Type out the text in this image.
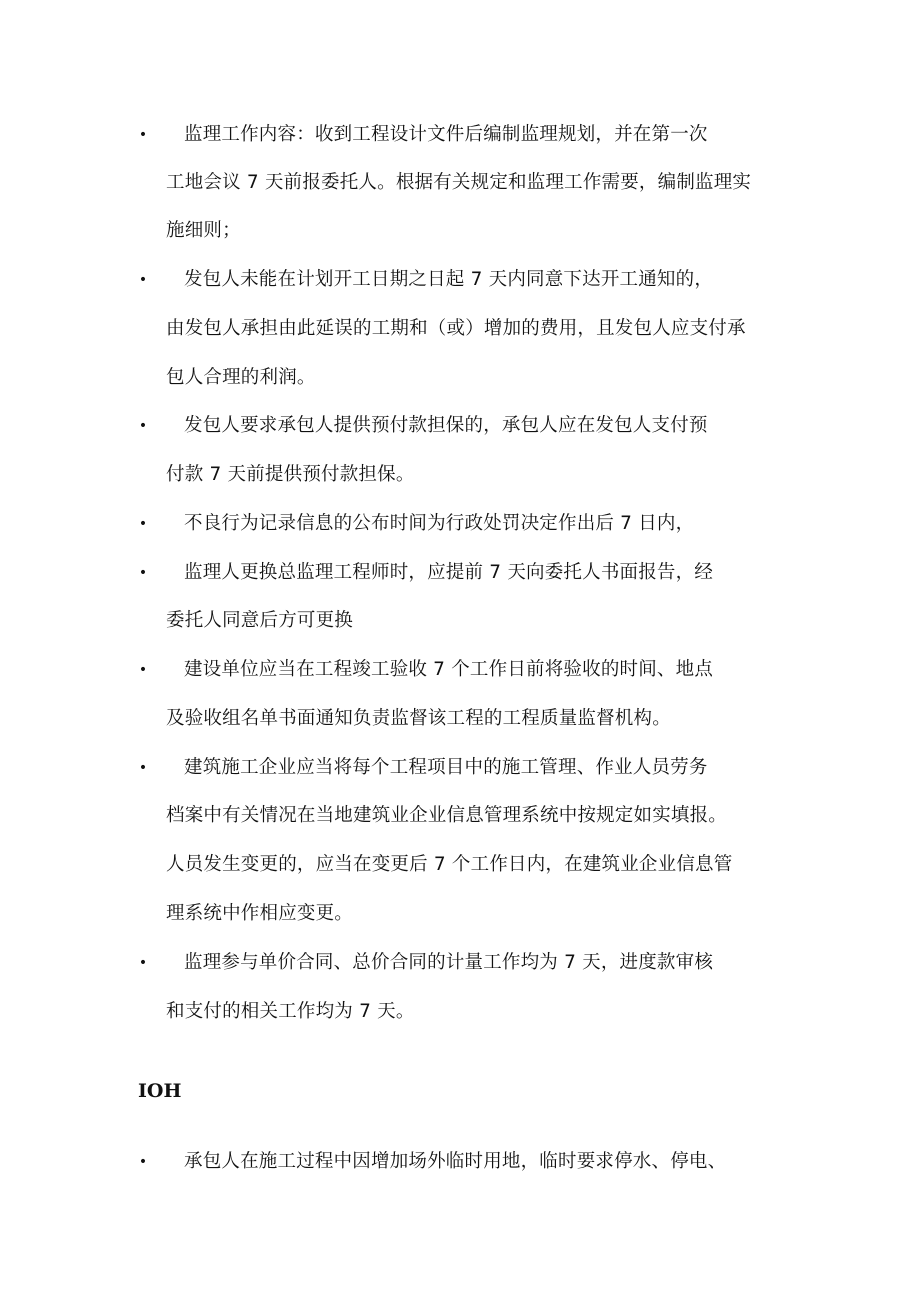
• 监理工作内容：收到工程设计文件后编制监理规划，并在第一次
工地会议 7 天前报委托人。根据有关规定和监理工作需要，编制监理实
施细则；
• 发包人未能在计划开工日期之日起 7 天内同意下达开工通知的，
由发包人承担由此延误的工期和（或）增加的费用，且发包人应支付承
包人合理的利润。
• 发包人要求承包人提供预付款担保的，承包人应在发包人支付预
付款 7 天前提供预付款担保。
• 不良行为记录信息的公布时间为行政处罚决定作出后 7 日内，
• 监理人更换总监理工程师时，应提前 7 天向委托人书面报告，经
委托人同意后方可更换
• 建设单位应当在工程竣工验收 7 个工作日前将验收的时间、地点
及验收组名单书面通知负责监督该工程的工程质量监督机构。
• 建筑施工企业应当将每个工程项目中的施工管理、作业人员劳务
档案中有关情况在当地建筑业企业信息管理系统中按规定如实填报。
人员发生变更的，应当在变更后 7 个工作日内，在建筑业企业信息管
理系统中作相应变更。
• 监理参与单价合同、总价合同的计量工作均为 7 天，进度款审核
和支付的相关工作均为 7 天。
IOH
• 承包人在施工过程中因增加场外临时用地，临时要求停水、停电、
